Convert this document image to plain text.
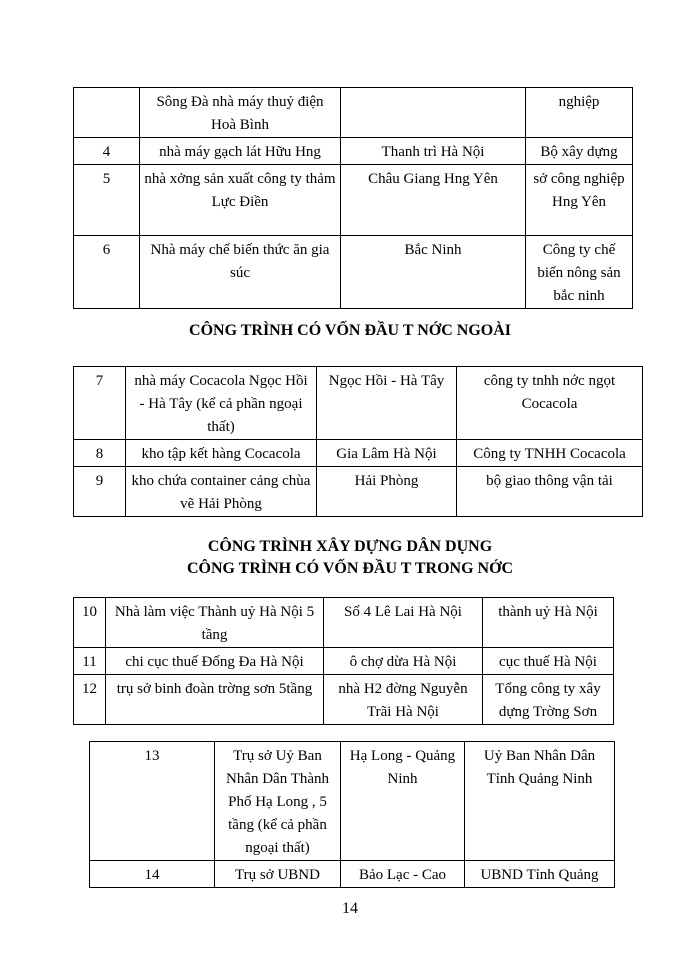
	Sông Đà nhà máy thuỷ điện Hoà Bình		nghiệp
4	nhà máy gạch lát Hữu Hng	Thanh trì Hà Nội	Bộ xây dựng
5	nhà xởng sản xuất công ty thảm Lực Điền	Châu Giang Hng Yên	sở công nghiệp Hng Yên
6	Nhà máy chế biến thức ăn gia súc	Bắc Ninh	Công ty chế biến nông sản bắc ninh
CÔNG TRÌNH CÓ VỐN ĐẦU T NỚC NGOÀI
7	nhà máy Cocacola Ngọc Hồi - Hà Tây (kể cả phần ngoại thất)	Ngọc Hồi - Hà Tây	công ty tnhh nớc ngọt Cocacola
8	kho tập kết hàng Cocacola	Gia Lâm Hà Nội	Công ty TNHH Cocacola
9	kho chứa container cảng chùa vẽ Hải Phòng	Hải Phòng	bộ giao thông vận tải
CÔNG TRÌNH XÂY DỰNG DÂN DỤNG
CÔNG TRÌNH CÓ VỐN ĐẦU T TRONG NỚC
10	Nhà làm việc Thành uỷ Hà Nội 5 tầng	Số 4 Lê Lai Hà Nội	thành uỷ Hà Nội
11	chi cục thuế Đống Đa Hà Nội	ô chợ dừa Hà Nội	cục thuế Hà Nội
12	trụ sở binh đoàn trờng sơn 5tầng	nhà H2 đờng Nguyễn Trãi Hà Nội	Tổng công ty xây dựng Trờng Sơn
13	Trụ sở Uỷ Ban Nhân Dân Thành Phố Hạ Long , 5 tầng (kể cả phần ngoại thất)	Hạ Long - Quảng Ninh	Uỷ Ban Nhân Dân Tỉnh Quảng Ninh
14	Trụ sở UBND	Bảo Lạc - Cao	UBND Tỉnh Quảng
14
